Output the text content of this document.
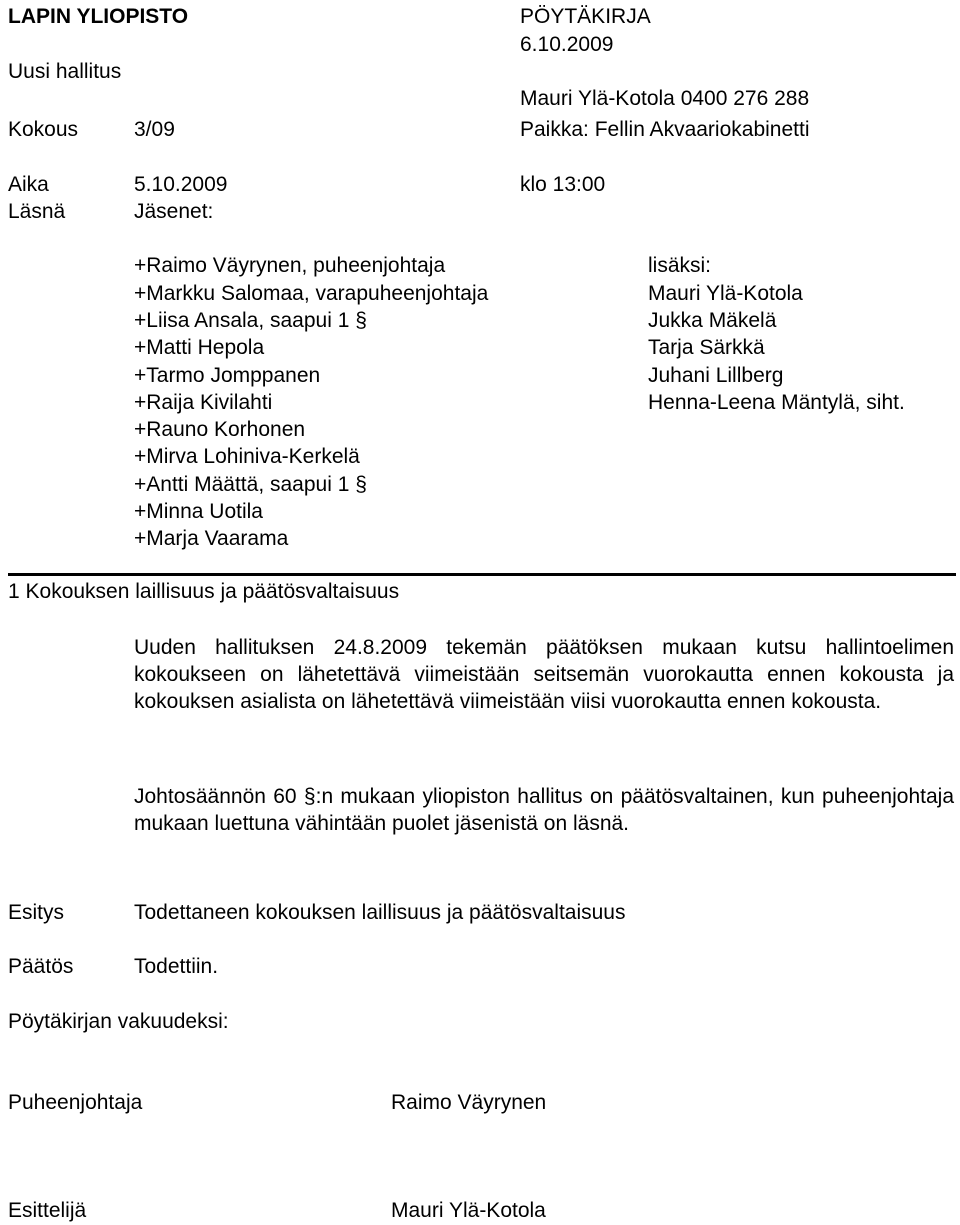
LAPIN YLIOPISTO	PÖYTÄKIRJA
6.10.2009
Uusi hallitus
Mauri Ylä-Kotola 0400 276 288
Kokous	3/09	Paikka: Fellin Akvaariokabinetti
Aika	5.10.2009	klo 13:00
Läsnä	Jäsenet:
+Raimo Väyrynen, puheenjohtaja
+Markku Salomaa, varapuheenjohtaja
+Liisa Ansala, saapui 1 §
+Matti Hepola
+Tarmo Jomppanen
+Raija Kivilahti
+Rauno Korhonen
+Mirva Lohiniva-Kerkelä
+Antti Määttä, saapui 1 §
+Minna Uotila
+Marja Vaarama
lisäksi:
Mauri Ylä-Kotola
Jukka Mäkelä
Tarja Särkkä
Juhani Lillberg
Henna-Leena Mäntylä, siht.
1 Kokouksen laillisuus ja päätösvaltaisuus
Uuden hallituksen 24.8.2009 tekemän päätöksen mukaan kutsu hallintoelimen kokoukseen on lähetettävä viimeistään seitsemän vuorokautta ennen kokousta ja kokouksen asialista on lähetettävä viimeistään viisi vuorokautta ennen kokousta.
Johtosäännön 60 §:n mukaan yliopiston hallitus on päätösvaltainen, kun puheenjohtaja mukaan luettuna vähintään puolet jäsenistä on läsnä.
Esitys	Todettaneen kokouksen laillisuus ja päätösvaltaisuus
Päätös	Todettiin.
Pöytäkirjan vakuudeksi:
Puheenjohtaja	Raimo Väyrynen
Esittelijä	Mauri Ylä-Kotola
